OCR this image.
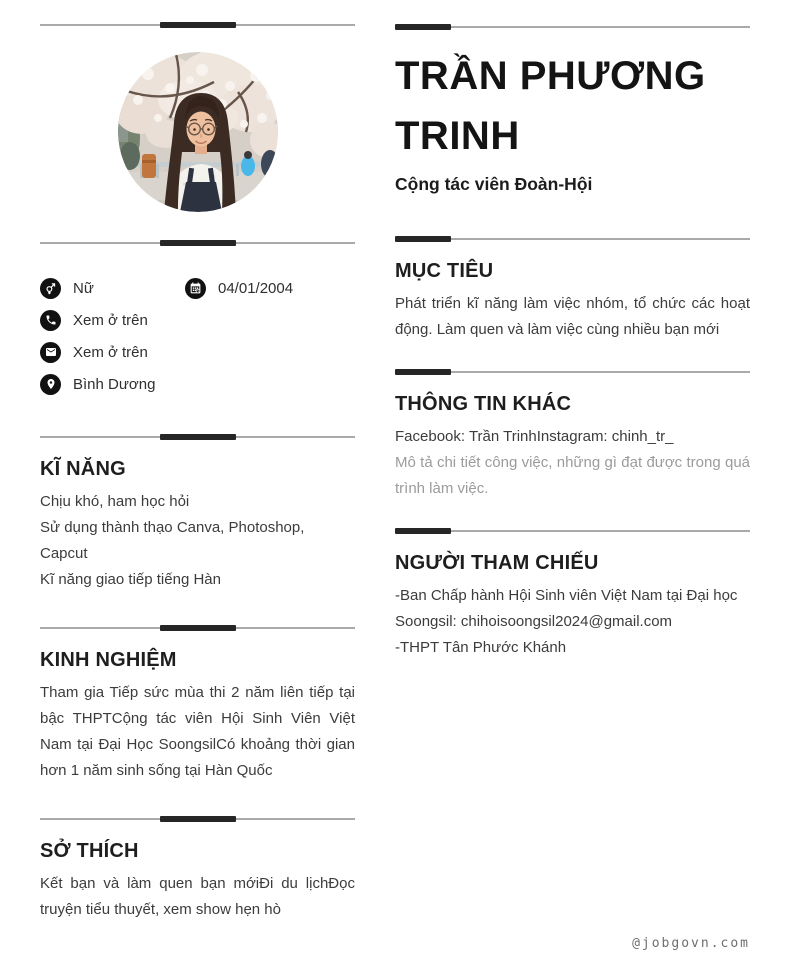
Nữ	04/01/2004
Xem ở trên
Xem ở trên
Bình Dương
KĨ NĂNG

Chịu khó, ham học hỏi

Sử dụng thành thạo Canva, Photoshop, Capcut

Kĩ năng giao tiếp tiếng Hàn

KINH NGHIỆM

Tham gia Tiếp sức mùa thi 2 năm liên tiếp tại bậc THPTCộng tác viên Hội Sinh Viên Việt Nam tại Đại Học SoongsilCó khoảng thời gian hơn 1 năm sinh sống tại Hàn Quốc

SỞ THÍCH

Kết bạn và làm quen bạn mớiĐi du lịchĐọc truyện tiểu thuyết, xem show hẹn hò

TRẦN PHƯƠNG TRINH
Cộng tác viên Đoàn-Hội
MỤC TIÊU

Phát triển kĩ năng làm việc nhóm, tổ chức các hoạt động. Làm quen và làm việc cùng nhiều bạn mới

THÔNG TIN KHÁC

Facebook: Trần TrinhInstagram: chinh_tr_

Mô tả chi tiết công việc, những gì đạt được trong quá trình làm việc.

NGƯỜI THAM CHIẾU

-Ban Chấp hành Hội Sinh viên Việt Nam tại Đại học Soongsil: chihoisoongsil2024@gmail.com

-THPT Tân Phước Khánh

@jobgovn.com
